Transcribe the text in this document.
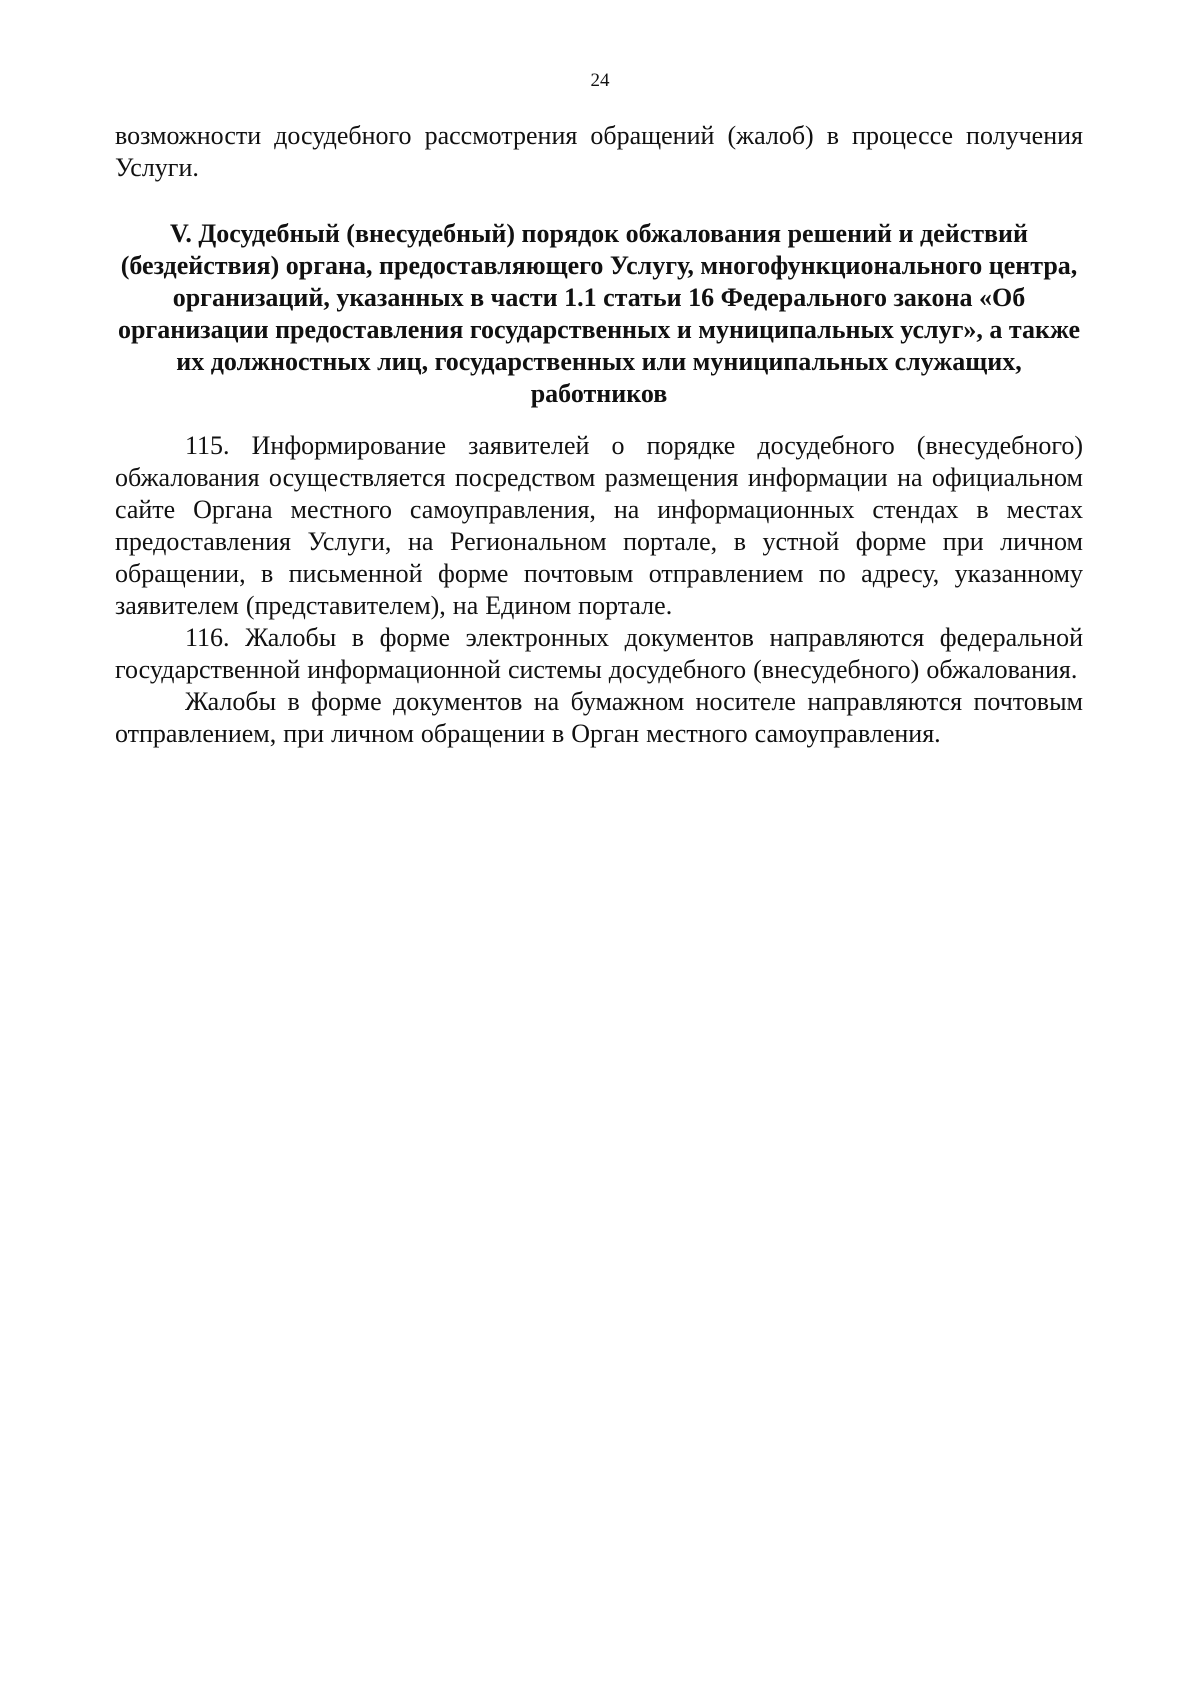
24

возможности досудебного рассмотрения обращений (жалоб) в процессе получения Услуги.

V. Досудебный (внесудебный) порядок обжалования решений и действий (бездействия) органа, предоставляющего Услугу, многофункционального центра, организаций, указанных в части 1.1 статьи 16 Федерального закона «Об организации предоставления государственных и муниципальных услуг», а также их должностных лиц, государственных или муниципальных служащих, работников

115. Информирование заявителей о порядке досудебного (внесудебного) обжалования осуществляется посредством размещения информации на официальном сайте Органа местного самоуправления, на информационных стендах в местах предоставления Услуги, на Региональном портале, в устной форме при личном обращении, в письменной форме почтовым отправлением по адресу, указанному заявителем (представителем), на Едином портале.

116. Жалобы в форме электронных документов направляются федеральной государственной информационной системы досудебного (внесудебного) обжалования.

Жалобы в форме документов на бумажном носителе направляются почтовым отправлением, при личном обращении в Орган местного самоуправления.
